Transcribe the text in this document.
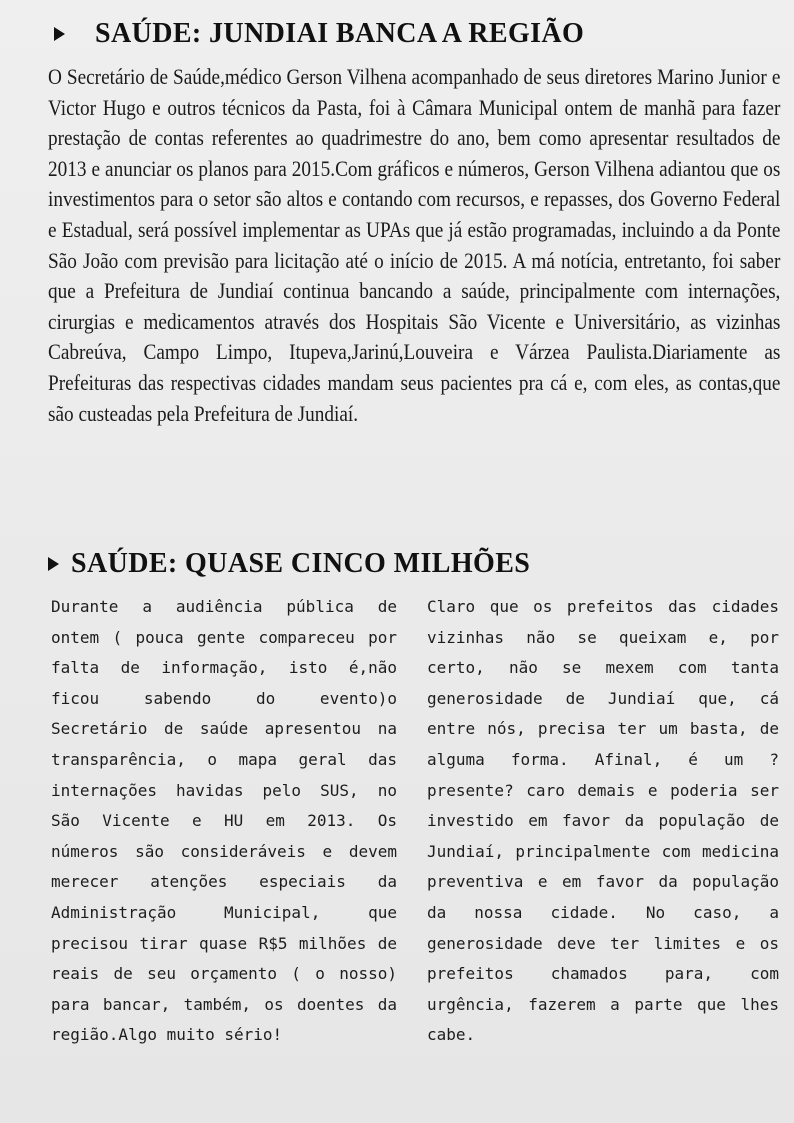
SAÚDE: JUNDIAI BANCA A REGIÃO

O Secretário de Saúde,médico Gerson Vilhena acompanhado de seus diretores Marino Junior e Victor Hugo e outros técnicos da Pasta, foi à Câmara Municipal ontem de manhã para fazer prestação de contas referentes ao quadrimestre do ano, bem como apresentar resultados de 2013 e anunciar os planos para 2015.Com gráficos e números, Gerson Vilhena adiantou que os investimentos para o setor são altos e contando com recursos, e repasses, dos Governo Federal e Estadual, será possível implementar as UPAs que já estão programadas, incluindo a da Ponte São João com previsão para licitação até o início de 2015. A má notícia, entretanto, foi saber que a Prefeitura de Jundiaí continua bancando a saúde, principalmente com internações, cirurgias e medicamentos através dos Hospitais São Vicente e Universitário, as vizinhas Cabreúva, Campo Limpo, Itupeva,Jarinú,Louveira e Várzea Paulista.Diariamente as Prefeituras das respectivas cidades mandam seus pacientes pra cá e, com eles, as contas,que são custeadas pela Prefeitura de Jundiaí.

SAÚDE: QUASE CINCO MILHÕES
Durante a audiência pública de ontem ( pouca gente compareceu por falta de informação, isto é,não ficou sabendo do evento)o Secretário de saúde apresentou na transparência, o mapa geral das internações havidas pelo SUS, no São Vicente e HU em 2013. Os números são consideráveis e devem merecer atenções especiais da Administração Municipal, que precisou tirar quase R$5 milhões de reais de seu orçamento ( o nosso) para bancar, também, os doentes da região.Algo muito sério!
Claro que os prefeitos das cidades vizinhas não se queixam e, por certo, não se mexem com tanta generosidade de Jundiaí que, cá entre nós, precisa ter um basta, de alguma forma. Afinal, é um ?presente? caro demais e poderia ser investido em favor da população de Jundiaí, principalmente com medicina preventiva e em favor da população da nossa cidade. No caso, a generosidade deve ter limites e os prefeitos chamados para, com urgência, fazerem a parte que lhes cabe.
